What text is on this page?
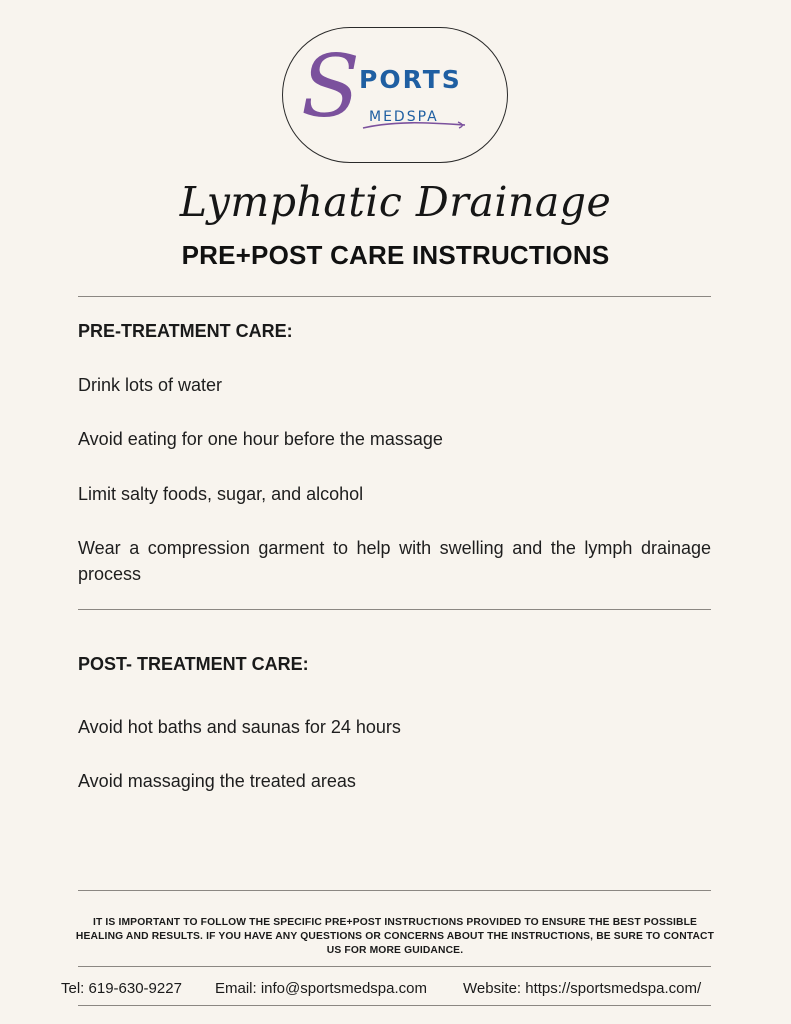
S PORTS
MEDSPA
Lymphatic Drainage
PRE+POST CARE INSTRUCTIONS
PRE-TREATMENT CARE:
Drink lots of water
Avoid eating for one hour before the massage
Limit salty foods, sugar, and alcohol
Wear a compression garment to help with swelling and the lymph drainage process
POST- TREATMENT CARE:
Avoid hot baths and saunas for 24 hours
Avoid massaging the treated areas
IT IS IMPORTANT TO FOLLOW THE SPECIFIC PRE+POST INSTRUCTIONS PROVIDED TO ENSURE THE BEST POSSIBLE HEALING AND RESULTS. IF YOU HAVE ANY QUESTIONS OR CONCERNS ABOUT THE INSTRUCTIONS, BE SURE TO CONTACT US FOR MORE GUIDANCE.
Tel: 619-630-9227 Email: info@sportsmedspa.com Website: https://sportsmedspa.com/
